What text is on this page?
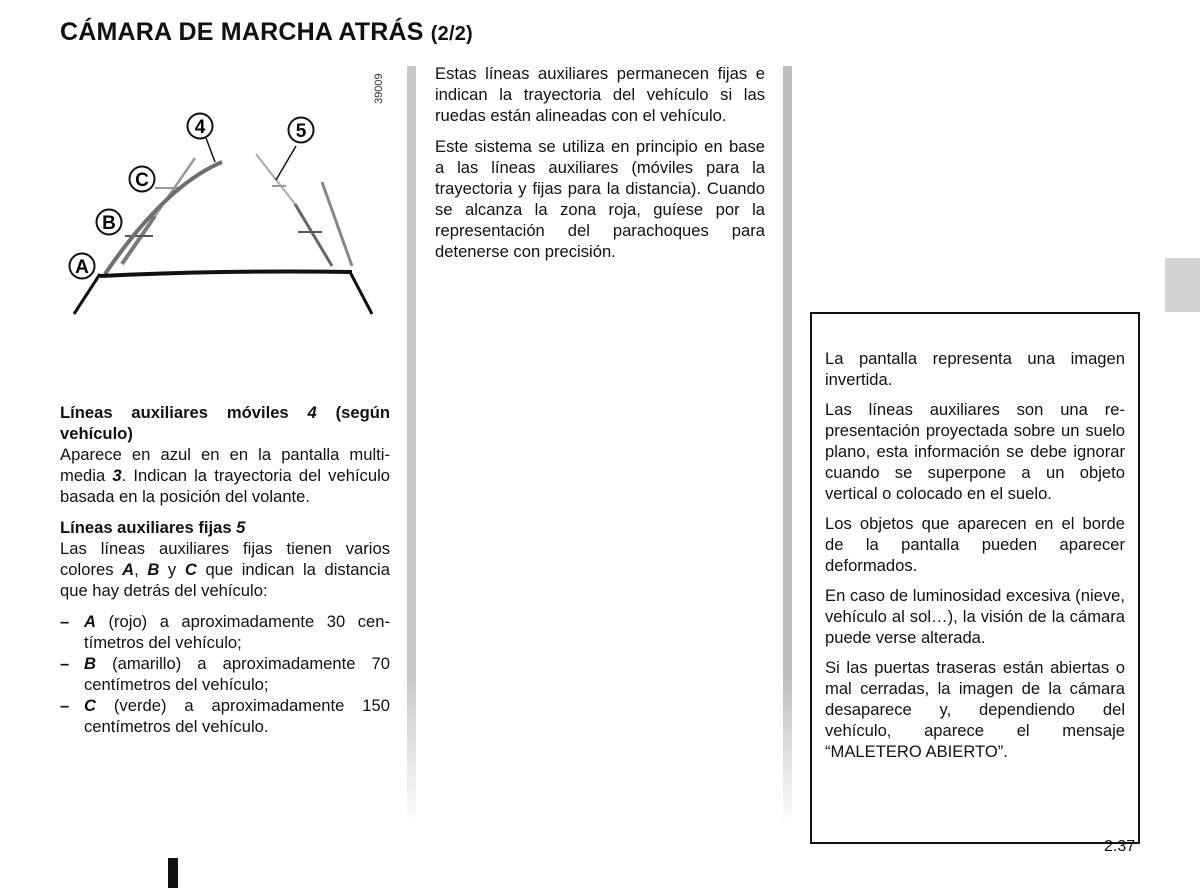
CÁMARA DE MARCHA ATRÁS (2/2)
39009
4	5
C
B
A

Líneas auxiliares móviles 4 (según vehículo)
Aparece en azul en en la pantalla multimedia 3. Indican la trayectoria del vehículo basada en la posición del volante.

Líneas auxiliares fijas 5
Las líneas auxiliares fijas tienen varios colores A, B y C que indican la distancia que hay detrás del vehículo:

– A (rojo) a aproximadamente 30 centímetros del vehículo;
– B (amarillo) a aproximadamente 70 centímetros del vehículo;
– C (verde) a aproximadamente 150 centímetros del vehículo.

Estas líneas auxiliares permanecen fijas e indican la trayectoria del vehículo si las ruedas están alineadas con el vehículo.

Este sistema se utiliza en principio en base a las líneas auxiliares (móviles para la trayectoria y fijas para la distancia). Cuando se alcanza la zona roja, guíese por la representación del parachoques para detenerse con precisión.

La pantalla representa una imagen invertida.

Las líneas auxiliares son una representación proyectada sobre un suelo plano, esta información se debe ignorar cuando se superpone a un objeto vertical o colocado en el suelo.

Los objetos que aparecen en el borde de la pantalla pueden aparecer deformados.

En caso de luminosidad excesiva (nieve, vehículo al sol…), la visión de la cámara puede verse alterada.

Si las puertas traseras están abiertas o mal cerradas, la imagen de la cámara desaparece y, dependiendo del vehículo, aparece el mensaje “MALETERO ABIERTO”.

2.37
